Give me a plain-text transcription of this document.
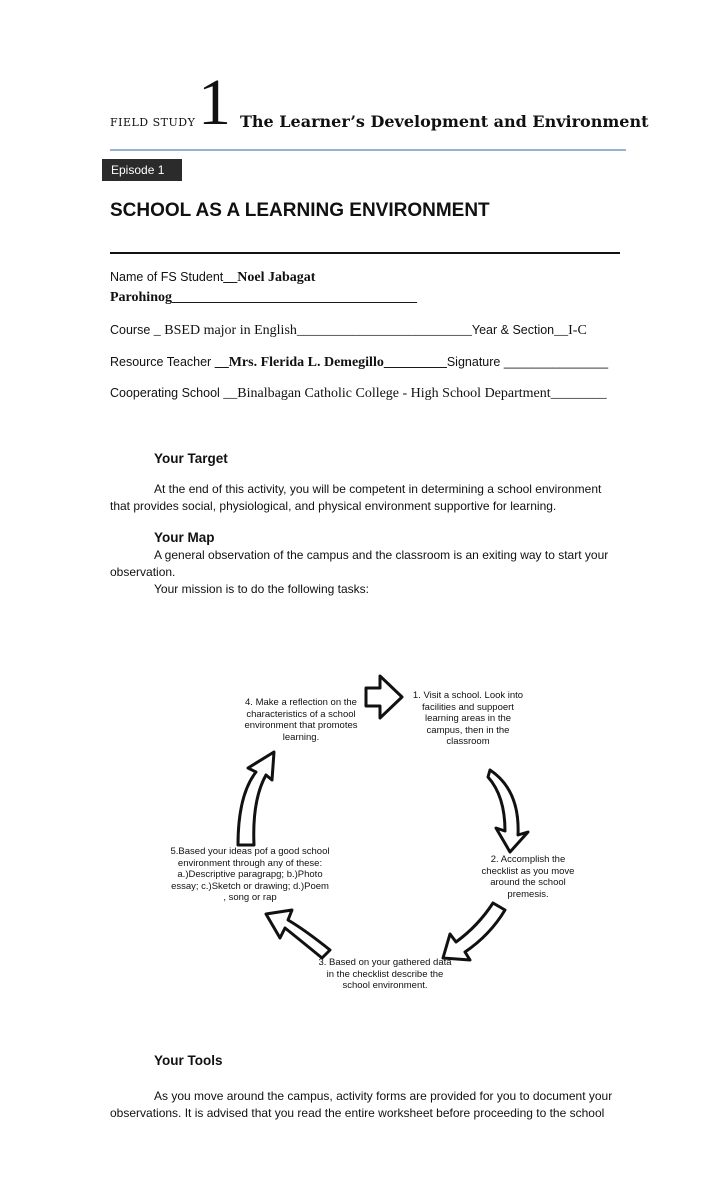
FIELD STUDY 1 The Learner’s Development and Environment
Episode 1
SCHOOL AS A LEARNING ENVIRONMENT
Name of FS Student__Noel Jabagat
Parohinog___________________________________
Course _ BSED major in English_________________________Year & Section__I-C
Resource Teacher __Mrs. Flerida L. Demegillo_________Signature _______________
Cooperating School __Binalbagan Catholic College - High School Department________
Your Target
At the end of this activity, you will be competent in determining a school environment
that provides social, physiological, and physical environment supportive for learning.
Your Map
A general observation of the campus and the classroom is an exiting way to start your
observation.
Your mission is to do the following tasks:
1. Visit a school. Look into
facilities and suppoert
learning areas in the
campus, then in the
classroom
2. Accomplish the
checklist as you move
around the school
premesis.
3. Based on your gathered data
in the checklist describe the
school environment.
4. Make a reflection on the
characteristics of a school
environment that promotes
learning.
5.Based your ideas pof a good school
environment through any of these:
a.)Descriptive paragrapg; b.)Photo
essay; c.)Sketch or drawing; d.)Poem
, song or rap
Your Tools
As you move around the campus, activity forms are provided for you to document your
observations. It is advised that you read the entire worksheet before proceeding to the school
